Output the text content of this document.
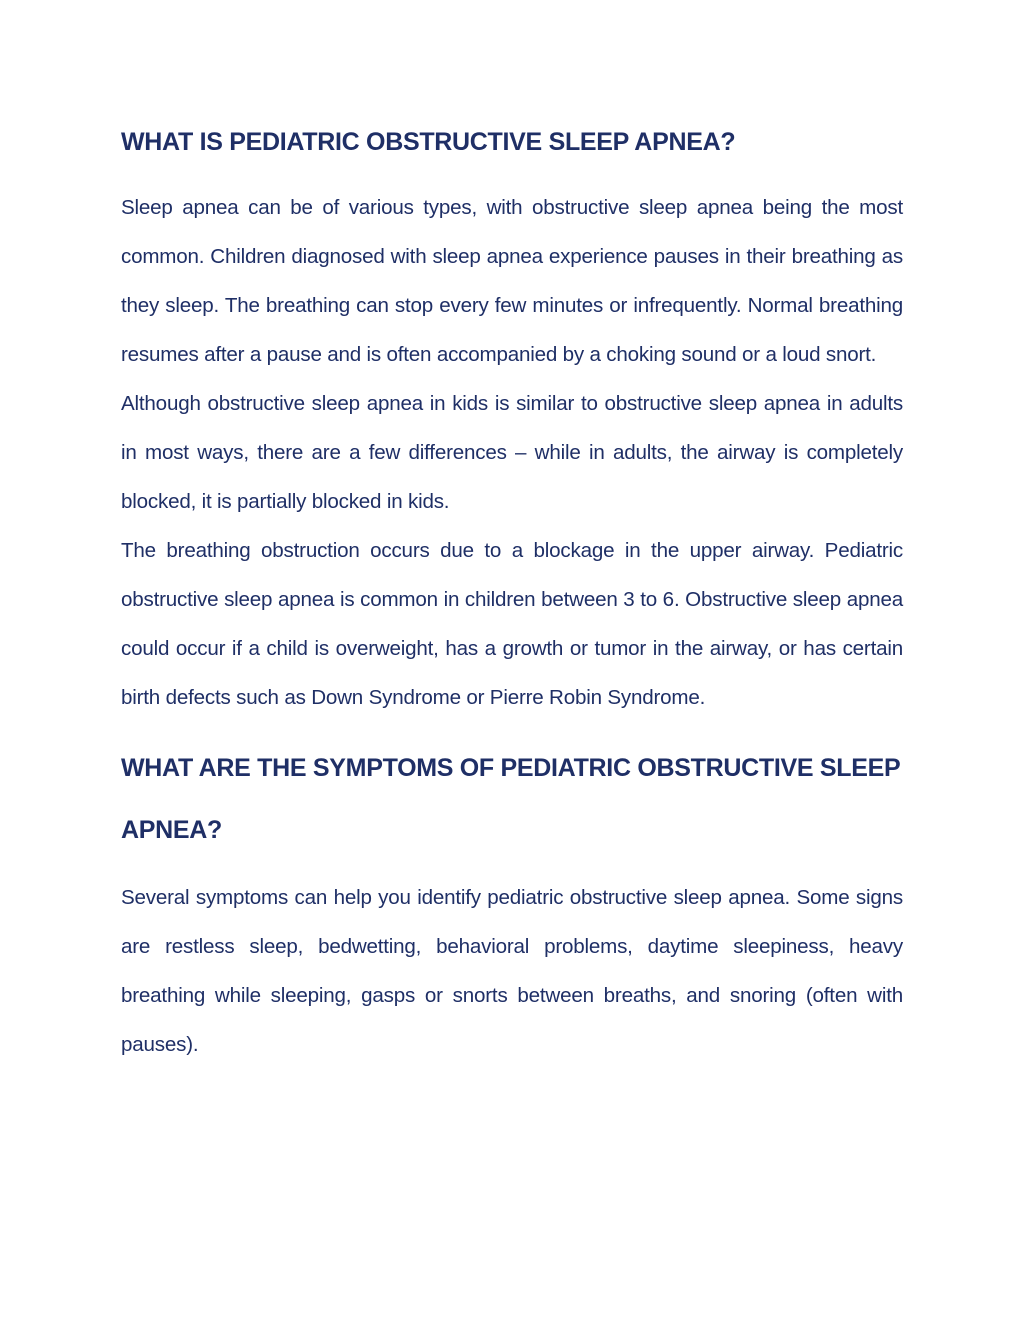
WHAT IS PEDIATRIC OBSTRUCTIVE SLEEP APNEA?

Sleep apnea can be of various types, with obstructive sleep apnea being the most common. Children diagnosed with sleep apnea experience pauses in their breathing as they sleep. The breathing can stop every few minutes or infrequently. Normal breathing resumes after a pause and is often accompanied by a choking sound or a loud snort.

Although obstructive sleep apnea in kids is similar to obstructive sleep apnea in adults in most ways, there are a few differences – while in adults, the airway is completely blocked, it is partially blocked in kids.

The breathing obstruction occurs due to a blockage in the upper airway. Pediatric obstructive sleep apnea is common in children between 3 to 6. Obstructive sleep apnea could occur if a child is overweight, has a growth or tumor in the airway, or has certain birth defects such as Down Syndrome or Pierre Robin Syndrome.

WHAT ARE THE SYMPTOMS OF PEDIATRIC OBSTRUCTIVE SLEEP APNEA?

Several symptoms can help you identify pediatric obstructive sleep apnea. Some signs are restless sleep, bedwetting, behavioral problems, daytime sleepiness, heavy breathing while sleeping, gasps or snorts between breaths, and snoring (often with pauses).
